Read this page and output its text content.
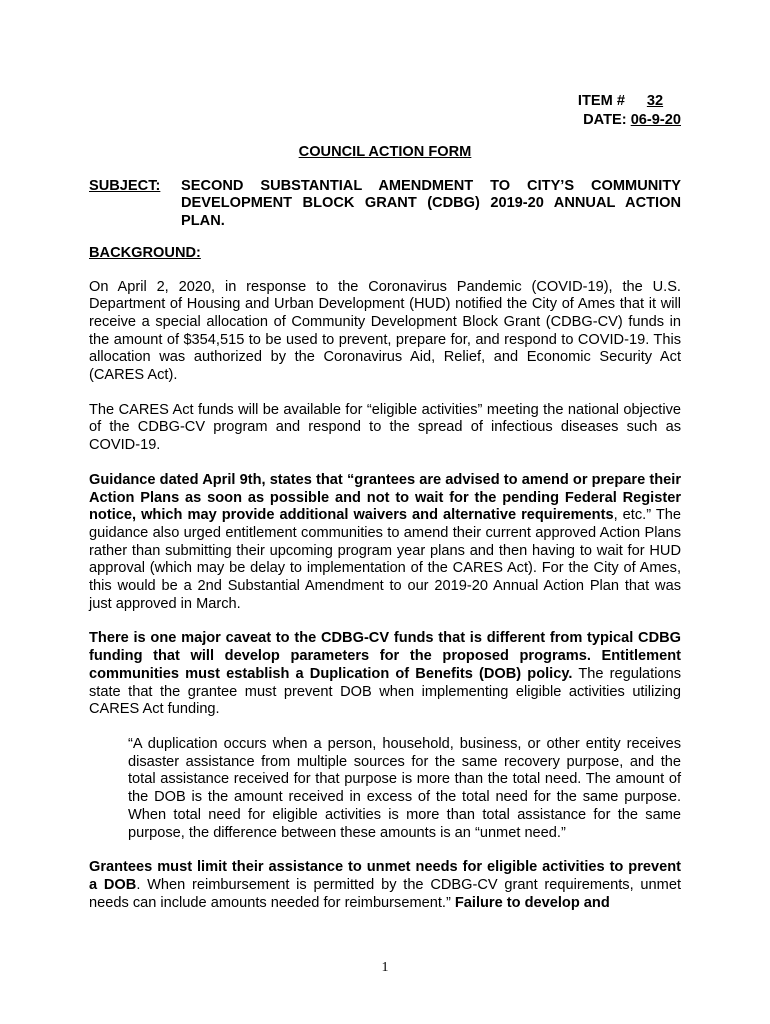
ITEM # 32
DATE: 06-9-20
COUNCIL ACTION FORM
SUBJECT:	SECOND SUBSTANTIAL AMENDMENT TO CITY’S COMMUNITY DEVELOPMENT BLOCK GRANT (CDBG) 2019-20 ANNUAL ACTION PLAN.
BACKGROUND:

On April 2, 2020, in response to the Coronavirus Pandemic (COVID-19), the U.S. Department of Housing and Urban Development (HUD) notified the City of Ames that it will receive a special allocation of Community Development Block Grant (CDBG-CV) funds in the amount of $354,515 to be used to prevent, prepare for, and respond to COVID-19. This allocation was authorized by the Coronavirus Aid, Relief, and Economic Security Act (CARES Act).

The CARES Act funds will be available for “eligible activities” meeting the national objective of the CDBG-CV program and respond to the spread of infectious diseases such as COVID-19.

Guidance dated April 9th, states that “grantees are advised to amend or prepare their Action Plans as soon as possible and not to wait for the pending Federal Register notice, which may provide additional waivers and alternative requirements, etc.” The guidance also urged entitlement communities to amend their current approved Action Plans rather than submitting their upcoming program year plans and then having to wait for HUD approval (which may be delay to implementation of the CARES Act). For the City of Ames, this would be a 2nd Substantial Amendment to our 2019-20 Annual Action Plan that was just approved in March.

There is one major caveat to the CDBG-CV funds that is different from typical CDBG funding that will develop parameters for the proposed programs. Entitlement communities must establish a Duplication of Benefits (DOB) policy. The regulations state that the grantee must prevent DOB when implementing eligible activities utilizing CARES Act funding.

“A duplication occurs when a person, household, business, or other entity receives disaster assistance from multiple sources for the same recovery purpose, and the total assistance received for that purpose is more than the total need. The amount of the DOB is the amount received in excess of the total need for the same purpose. When total need for eligible activities is more than total assistance for the same purpose, the difference between these amounts is an “unmet need.”

Grantees must limit their assistance to unmet needs for eligible activities to prevent a DOB. When reimbursement is permitted by the CDBG-CV grant requirements, unmet needs can include amounts needed for reimbursement.” Failure to develop and

1
